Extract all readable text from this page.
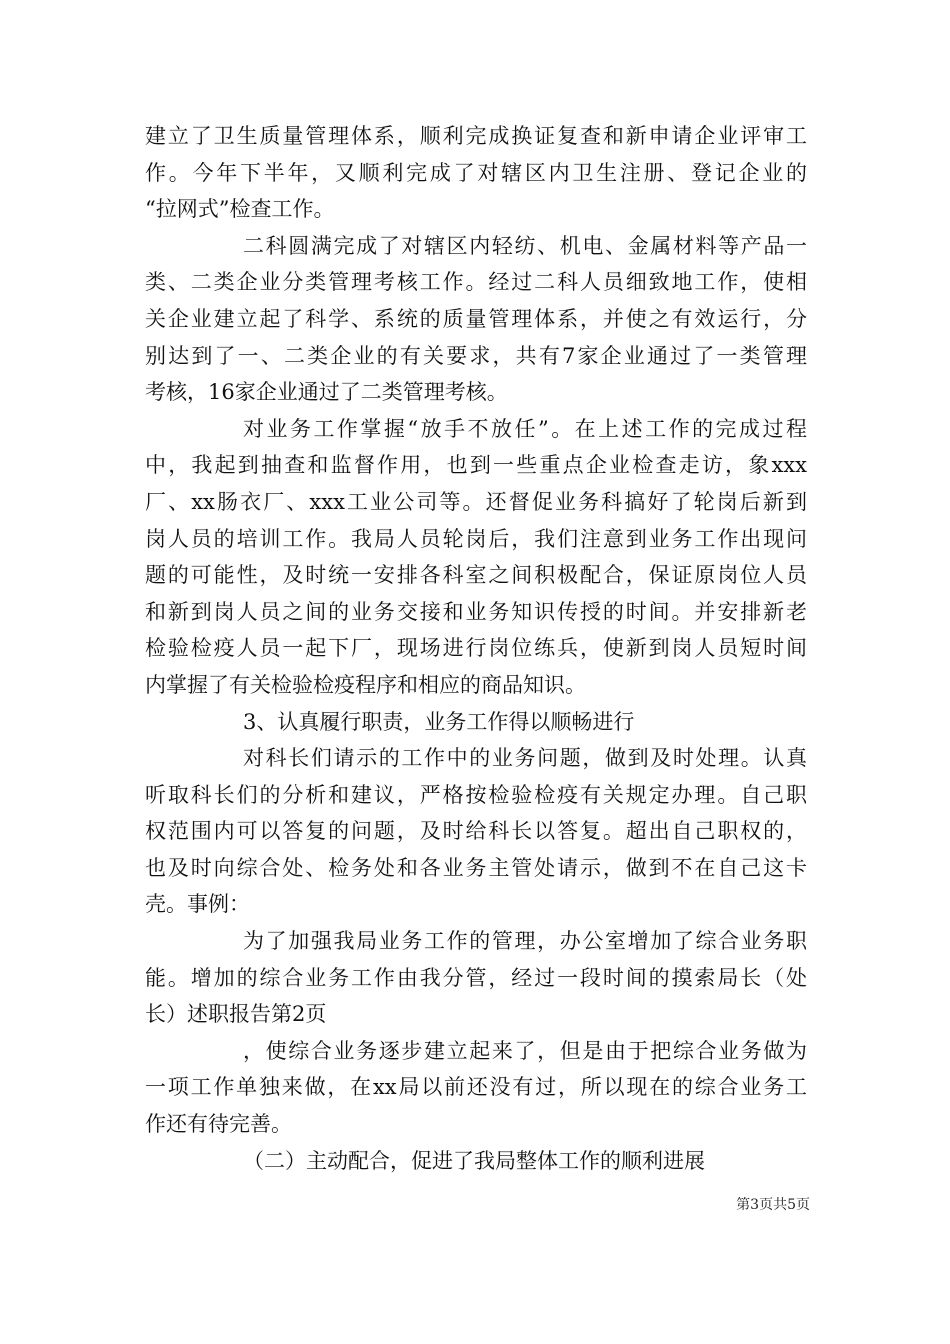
建立了卫生质量管理体系，顺利完成换证复查和新申请企业评审工
作。今年下半年，又顺利完成了对辖区内卫生注册、登记企业的
“拉网式”检查工作。
二科圆满完成了对辖区内轻纺、机电、金属材料等产品一
类、二类企业分类管理考核工作。经过二科人员细致地工作，使相
关企业建立起了科学、系统的质量管理体系，并使之有效运行，分
别达到了一、二类企业的有关要求，共有7家企业通过了一类管理
考核，16家企业通过了二类管理考核。
对业务工作掌握“放手不放任”。在上述工作的完成过程
中，我起到抽查和监督作用，也到一些重点企业检查走访，象xxx
厂、xx肠衣厂、xxx工业公司等。还督促业务科搞好了轮岗后新到
岗人员的培训工作。我局人员轮岗后，我们注意到业务工作出现问
题的可能性，及时统一安排各科室之间积极配合，保证原岗位人员
和新到岗人员之间的业务交接和业务知识传授的时间。并安排新老
检验检疫人员一起下厂，现场进行岗位练兵，使新到岗人员短时间
内掌握了有关检验检疫程序和相应的商品知识。
3、认真履行职责，业务工作得以顺畅进行
对科长们请示的工作中的业务问题，做到及时处理。认真
听取科长们的分析和建议，严格按检验检疫有关规定办理。自己职
权范围内可以答复的问题，及时给科长以答复。超出自己职权的，
也及时向综合处、检务处和各业务主管处请示，做到不在自己这卡
壳。事例：
为了加强我局业务工作的管理，办公室增加了综合业务职
能。增加的综合业务工作由我分管，经过一段时间的摸索局长（处
长）述职报告第2页
，使综合业务逐步建立起来了，但是由于把综合业务做为
一项工作单独来做，在xx局以前还没有过，所以现在的综合业务工
作还有待完善。
（二）主动配合，促进了我局整体工作的顺利进展
第3页共5页
